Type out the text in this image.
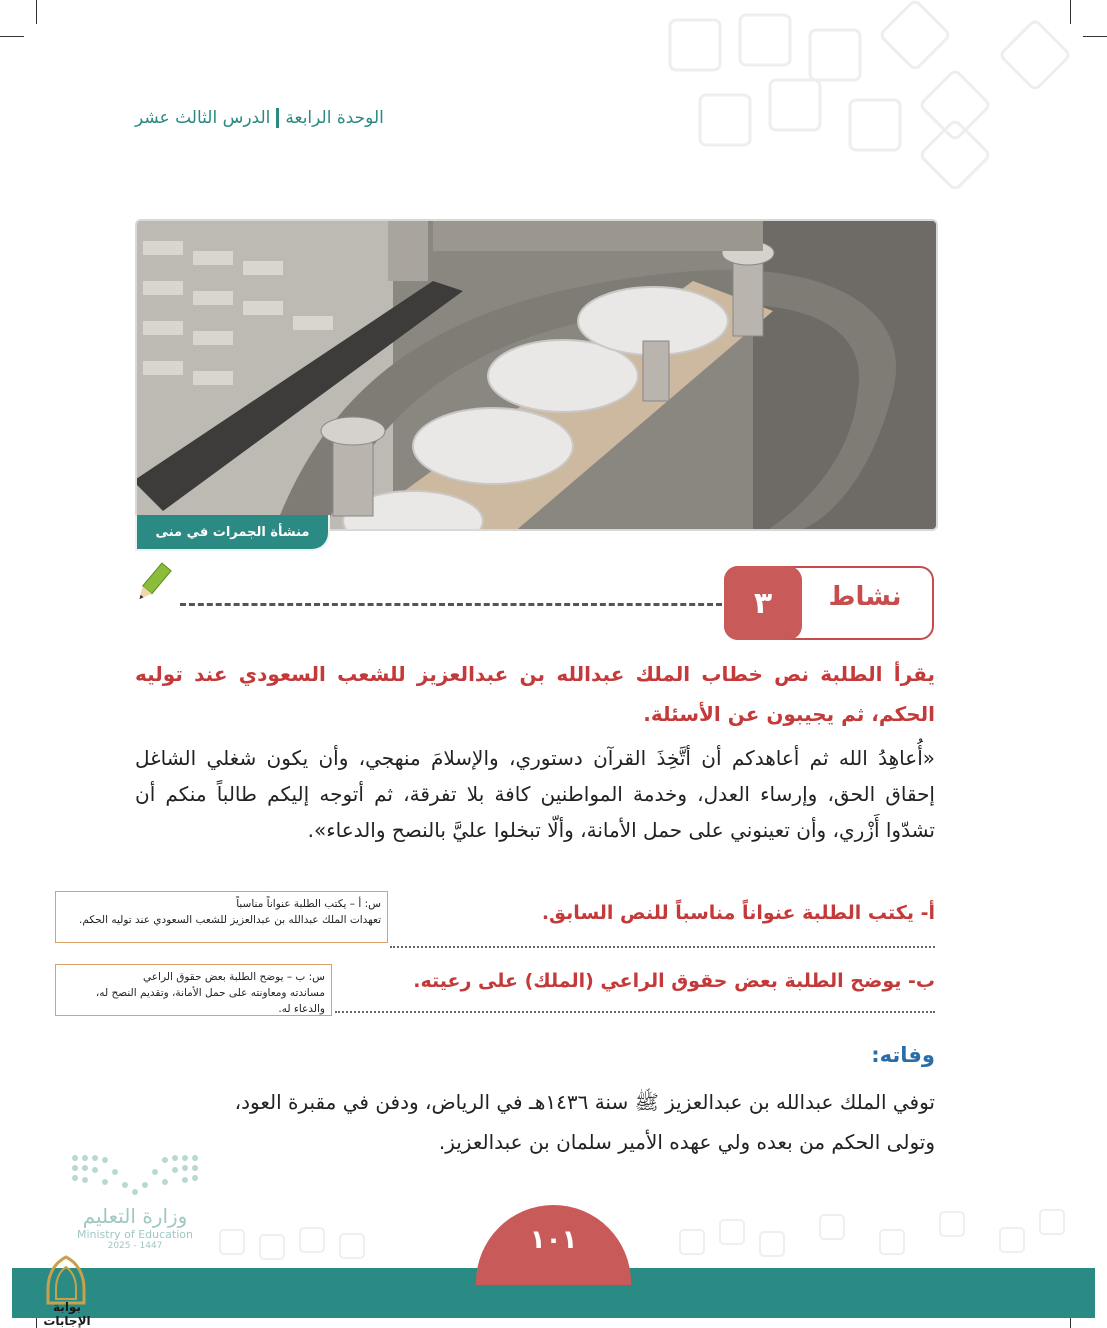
الوحدة الرابعةالدرس الثالث عشر
منشأة الجمرات في منى
٣	نشاط
يقرأ الطلبة نص خطاب الملك عبدالله بن عبدالعزيز للشعب السعودي عند توليه الحكم، ثم يجيبون عن الأسئلة.
«أُعاهِدُ الله ثم أعاهدكم أن أتَّخِذَ القرآن دستوري، والإسلامَ منهجي، وأن يكون شغلي الشاغل إحقاق الحق، وإرساء العدل، وخدمة المواطنين كافة بلا تفرقة، ثم أتوجه إليكم طالباً منكم أن تشدّوا أَزْري، وأن تعينوني على حمل الأمانة، وألّا تبخلوا عليَّ بالنصح والدعاء».
أ- يكتب الطلبة عنواناً مناسباً للنص السابق.
س: أ – يكتب الطلبة عنواناً مناسباً
تعهدات الملك عبدالله بن عبدالعزيز للشعب السعودي عند توليه الحكم.
ب- يوضح الطلبة بعض حقوق الراعي (الملك) على رعيته.
س: ب – يوضح الطلبة بعض حقوق الراعي
مساندته ومعاونته على حمل الأمانة، وتقديم النصح له، والدعاء له.
وفاته:
توفي الملك عبدالله بن عبدالعزيز ﷺ سنة ١٤٣٦هـ في الرياض، ودفن في مقبرة العود،
وتولى الحكم من بعده ولي عهده الأمير سلمان بن عبدالعزيز.
وزارة التعليم
Ministry of Education
2025 - 1447	١٠١
بوابة الإجابات
